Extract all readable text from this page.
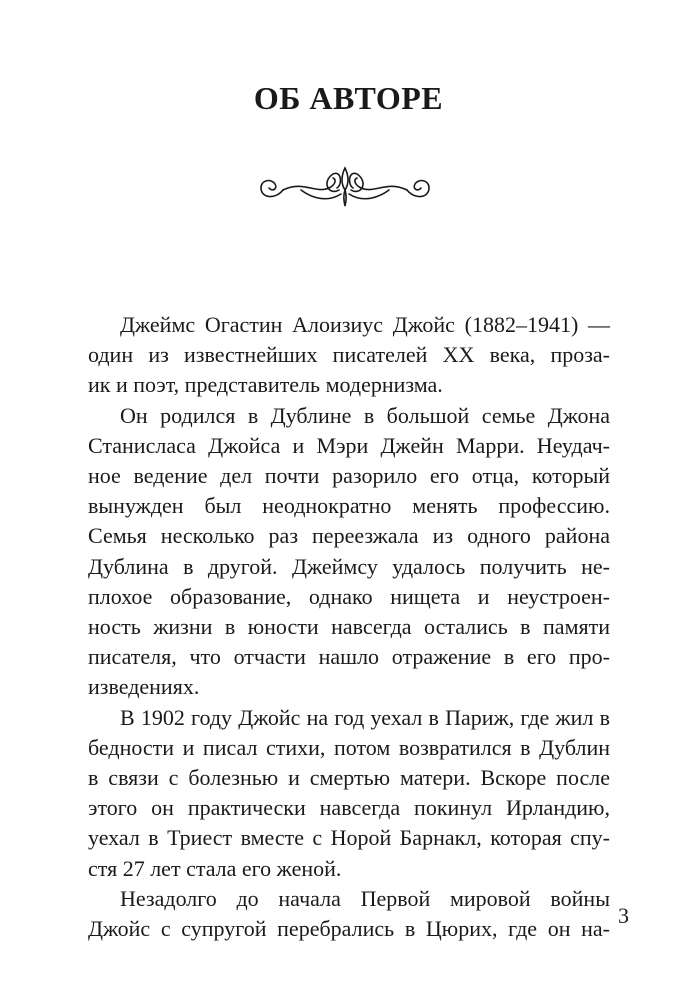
ОБ АВТОРЕ
Джеймс Огастин Алоизиус Джойс (1882–1941) —
один из известнейших писателей XX века, проза-
ик и поэт, представитель модернизма.
Он родился в Дублине в большой семье Джона
Станисласа Джойса и Мэри Джейн Марри. Неудач-
ное ведение дел почти разорило его отца, который
вынужден был неоднократно менять профессию.
Семья несколько раз переезжала из одного района
Дублина в другой. Джеймсу удалось получить не-
плохое образование, однако нищета и неустроен-
ность жизни в юности навсегда остались в памяти
писателя, что отчасти нашло отражение в его про-
изведениях.
В 1902 году Джойс на год уехал в Париж, где жил в
бедности и писал стихи, потом возвратился в Дублин
в связи с болезнью и смертью матери. Вскоре после
этого он практически навсегда покинул Ирландию,
уехал в Триест вместе с Норой Барнакл, которая спу-
стя 27 лет стала его женой.
Незадолго до начала Первой мировой войны
Джойс с супругой перебрались в Цюрих, где он на-
3
